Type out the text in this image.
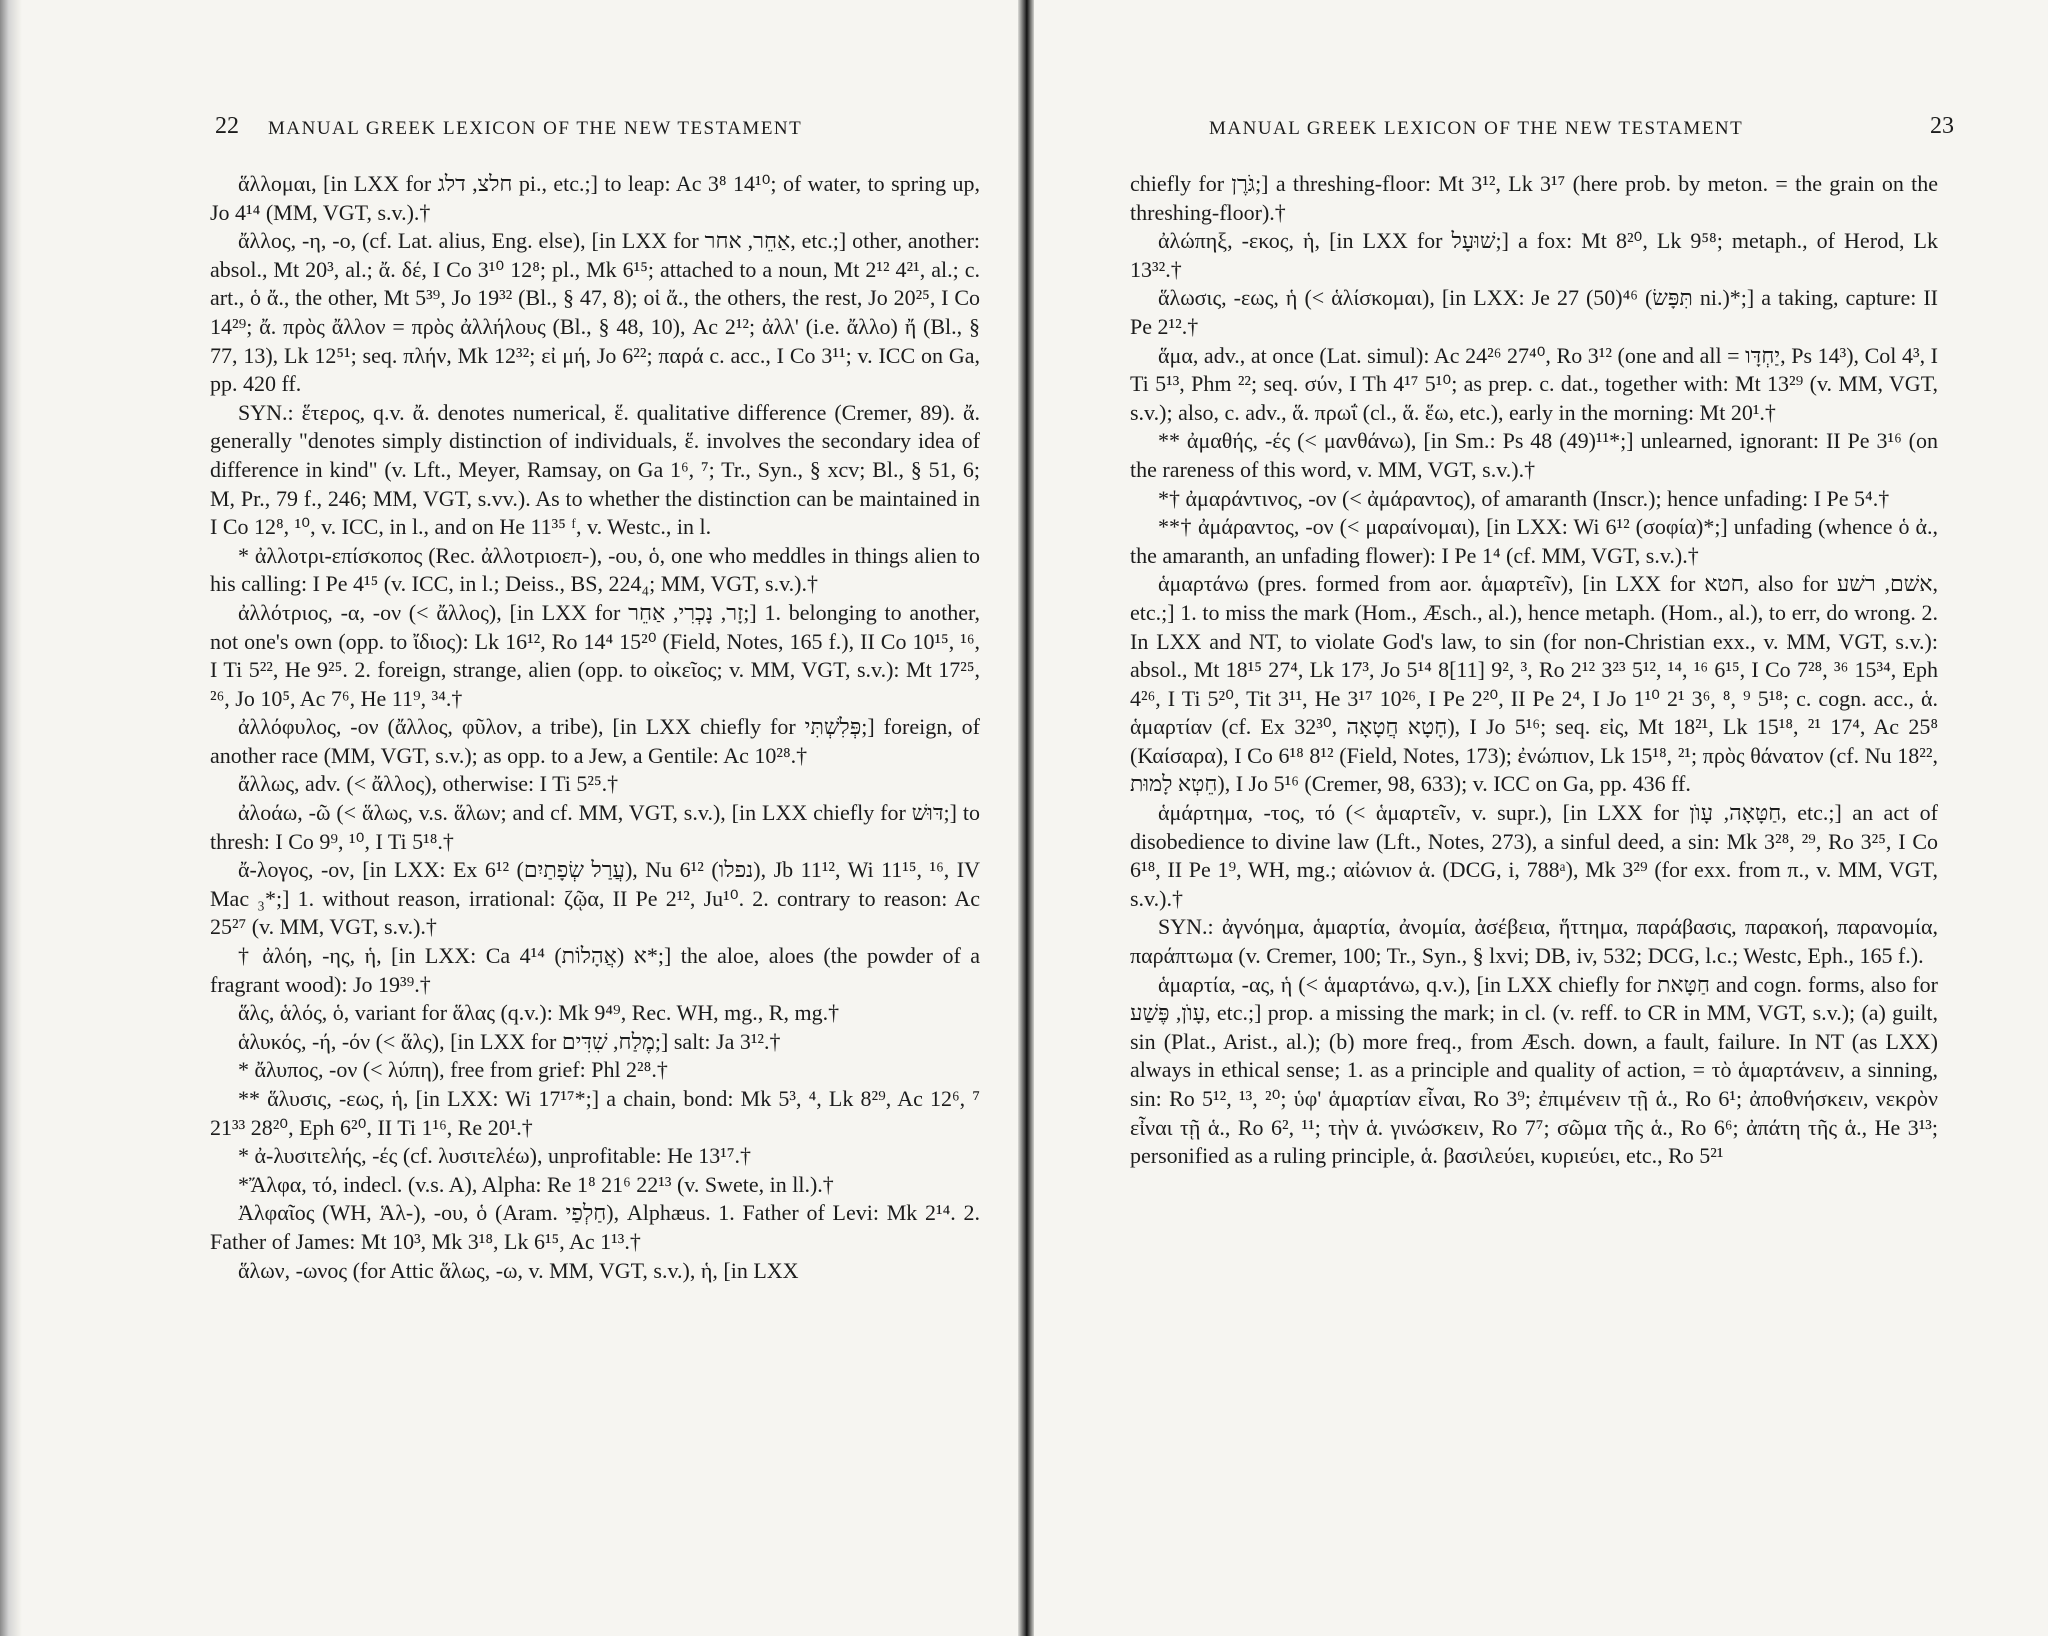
22	MANUAL GREEK LEXICON OF THE NEW TESTAMENT

ἅλλομαι, [in LXX for חלצ, דלג pi., etc.;] to leap: Ac 3⁸ 14¹⁰; of water, to spring up, Jo 4¹⁴ (MM, VGT, s.v.).†

ἄλλος, -η, -ο, (cf. Lat. alius, Eng. else), [in LXX for אַחֵר, אחר, etc.;] other, another: absol., Mt 20³, al.; ἄ. δέ, I Co 3¹⁰ 12⁸; pl., Mk 6¹⁵; attached to a noun, Mt 2¹² 4²¹, al.; c. art., ὁ ἄ., the other, Mt 5³⁹, Jo 19³² (Bl., § 47, 8); οἱ ἄ., the others, the rest, Jo 20²⁵, I Co 14²⁹; ἄ. πρὸς ἄλλον = πρὸς ἀλλήλους (Bl., § 48, 10), Ac 2¹²; ἀλλ' (i.e. ἄλλο) ἤ (Bl., § 77, 13), Lk 12⁵¹; seq. πλήν, Mk 12³²; εἰ μή, Jo 6²²; παρά c. acc., I Co 3¹¹; v. ICC on Ga, pp. 420 ff.

SYN.: ἕτερος, q.v. ἄ. denotes numerical, ἕ. qualitative difference (Cremer, 89). ἄ. generally "denotes simply distinction of individuals, ἕ. involves the secondary idea of difference in kind" (v. Lft., Meyer, Ramsay, on Ga 1⁶, ⁷; Tr., Syn., § xcv; Bl., § 51, 6; M, Pr., 79 f., 246; MM, VGT, s.vv.). As to whether the distinction can be maintained in I Co 12⁸, ¹⁰, v. ICC, in l., and on He 11³⁵ ᶠ, v. Westc., in l.

* ἀλλοτρι-επίσκοπος (Rec. ἀλλοτριοεπ-), -ου, ὁ, one who meddles in things alien to his calling: I Pe 4¹⁵ (v. ICC, in l.; Deiss., BS, 224₄; MM, VGT, s.v.).†

ἀλλότριος, -α, -ον (< ἄλλος), [in LXX for זָר, נָכְרִי, אַחֵר;] 1. belonging to another, not one's own (opp. to ἴδιος): Lk 16¹², Ro 14⁴ 15²⁰ (Field, Notes, 165 f.), II Co 10¹⁵, ¹⁶, I Ti 5²², He 9²⁵. 2. foreign, strange, alien (opp. to οἰκεῖος; v. MM, VGT, s.v.): Mt 17²⁵, ²⁶, Jo 10⁵, Ac 7⁶, He 11⁹, ³⁴.†

ἀλλόφυλος, -ον (ἄλλος, φῦλον, a tribe), [in LXX chiefly for פְּלִשְׁתִּי;] foreign, of another race (MM, VGT, s.v.); as opp. to a Jew, a Gentile: Ac 10²⁸.†

ἄλλως, adv. (< ἄλλος), otherwise: I Ti 5²⁵.†

ἀλοάω, -ῶ (< ἅλως, v.s. ἅλων; and cf. MM, VGT, s.v.), [in LXX chiefly for דּוּשׁ;] to thresh: I Co 9⁹, ¹⁰, I Ti 5¹⁸.†

ἄ-λογος, -ον, [in LXX: Ex 6¹² (עֲרַל שְׂפָתַיִם), Nu 6¹² (נפלו), Jb 11¹², Wi 11¹⁵, ¹⁶, IV Mac ₃*;] 1. without reason, irrational: ζῷα, II Pe 2¹², Ju¹⁰. 2. contrary to reason: Ac 25²⁷ (v. MM, VGT, s.v.).†

† ἀλόη, -ης, ἡ, [in LXX: Ca 4¹⁴ א (אֲהָלוֹת)*;] the aloe, aloes (the powder of a fragrant wood): Jo 19³⁹.†

ἅλς, ἁλός, ὁ, variant for ἅλας (q.v.): Mk 9⁴⁹, Rec. WH, mg., R, mg.†

ἁλυκός, -ή, -όν (< ἅλς), [in LXX for מֶלַח, שִׁדִּים;] salt: Ja 3¹².†

* ἄλυπος, -ον (< λύπη), free from grief: Phl 2²⁸.†

** ἅλυσις, -εως, ἡ, [in LXX: Wi 17¹⁷*;] a chain, bond: Mk 5³, ⁴, Lk 8²⁹, Ac 12⁶, ⁷ 21³³ 28²⁰, Eph 6²⁰, II Ti 1¹⁶, Re 20¹.†

* ἀ-λυσιτελής, -ές (cf. λυσιτελέω), unprofitable: He 13¹⁷.†

*Ἄλφα, τό, indecl. (v.s. A), Alpha: Re 1⁸ 21⁶ 22¹³ (v. Swete, in ll.).†

Ἀλφαῖος (WH, Ἁλ-), -ου, ὁ (Aram. חַלְפַי), Alphæus. 1. Father of Levi: Mk 2¹⁴. 2. Father of James: Mt 10³, Mk 3¹⁸, Lk 6¹⁵, Ac 1¹³.†

ἅλων, -ωνος (for Attic ἅλως, -ω, v. MM, VGT, s.v.), ἡ, [in LXX

MANUAL GREEK LEXICON OF THE NEW TESTAMENT	23

chiefly for גֹּרֶן;] a threshing-floor: Mt 3¹², Lk 3¹⁷ (here prob. by meton. = the grain on the threshing-floor).†

ἀλώπηξ, -εκος, ἡ, [in LXX for שׁוּעָל;] a fox: Mt 8²⁰, Lk 9⁵⁸; metaph., of Herod, Lk 13³².†

ἅλωσις, -εως, ἡ (< ἁλίσκομαι), [in LXX: Je 27 (50)⁴⁶ (תִּפָּשׂ ni.)*;] a taking, capture: II Pe 2¹².†

ἅμα, adv., at once (Lat. simul): Ac 24²⁶ 27⁴⁰, Ro 3¹² (one and all = יַחְדָּו, Ps 14³), Col 4³, I Ti 5¹³, Phm ²²; seq. σύν, I Th 4¹⁷ 5¹⁰; as prep. c. dat., together with: Mt 13²⁹ (v. MM, VGT, s.v.); also, c. adv., ἅ. πρωΐ (cl., ἅ. ἕω, etc.), early in the morning: Mt 20¹.†

** ἀμαθής, -ές (< μανθάνω), [in Sm.: Ps 48 (49)¹¹*;] unlearned, ignorant: II Pe 3¹⁶ (on the rareness of this word, v. MM, VGT, s.v.).†

*† ἀμαράντινος, -ον (< ἀμάραντος), of amaranth (Inscr.); hence unfading: I Pe 5⁴.†

**† ἀμάραντος, -ον (< μαραίνομαι), [in LXX: Wi 6¹² (σοφία)*;] unfading (whence ὁ ἀ., the amaranth, an unfading flower): I Pe 1⁴ (cf. MM, VGT, s.v.).†

ἁμαρτάνω (pres. formed from aor. ἁμαρτεῖν), [in LXX for חטא, also for אשׁם, רשׁע, etc.;] 1. to miss the mark (Hom., Æsch., al.), hence metaph. (Hom., al.), to err, do wrong. 2. In LXX and NT, to violate God's law, to sin (for non-Christian exx., v. MM, VGT, s.v.): absol., Mt 18¹⁵ 27⁴, Lk 17³, Jo 5¹⁴ 8[11] 9², ³, Ro 2¹² 3²³ 5¹², ¹⁴, ¹⁶ 6¹⁵, I Co 7²⁸, ³⁶ 15³⁴, Eph 4²⁶, I Ti 5²⁰, Tit 3¹¹, He 3¹⁷ 10²⁶, I Pe 2²⁰, II Pe 2⁴, I Jo 1¹⁰ 2¹ 3⁶, ⁸, ⁹ 5¹⁸; c. cogn. acc., ἁ. ἁμαρτίαν (cf. Ex 32³⁰, חָטָא חֲטָאָה), I Jo 5¹⁶; seq. εἰς, Mt 18²¹, Lk 15¹⁸, ²¹ 17⁴, Ac 25⁸ (Καίσαρα), I Co 6¹⁸ 8¹² (Field, Notes, 173); ἐνώπιον, Lk 15¹⁸, ²¹; πρὸς θάνατον (cf. Nu 18²², חֵטְא לָמוּת), I Jo 5¹⁶ (Cremer, 98, 633); v. ICC on Ga, pp. 436 ff.

ἁμάρτημα, -τος, τό (< ἁμαρτεῖν, v. supr.), [in LXX for חַטָּאָה, עָוֺן, etc.;] an act of disobedience to divine law (Lft., Notes, 273), a sinful deed, a sin: Mk 3²⁸, ²⁹, Ro 3²⁵, I Co 6¹⁸, II Pe 1⁹, WH, mg.; αἰώνιον ἁ. (DCG, i, 788ᵃ), Mk 3²⁹ (for exx. from π., v. MM, VGT, s.v.).†

SYN.: ἀγνόημα, ἁμαρτία, ἀνομία, ἀσέβεια, ἥττημα, παράβασις, παρακοή, παρανομία, παράπτωμα (v. Cremer, 100; Tr., Syn., § lxvi; DB, iv, 532; DCG, l.c.; Westc, Eph., 165 f.).

ἁμαρτία, -ας, ἡ (< ἁμαρτάνω, q.v.), [in LXX chiefly for חַטָּאת and cogn. forms, also for עָוֺן, פֶּשַׁע, etc.;] prop. a missing the mark; in cl. (v. reff. to CR in MM, VGT, s.v.); (a) guilt, sin (Plat., Arist., al.); (b) more freq., from Æsch. down, a fault, failure. In NT (as LXX) always in ethical sense; 1. as a principle and quality of action, = τὸ ἁμαρτάνειν, a sinning, sin: Ro 5¹², ¹³, ²⁰; ὑφ' ἁμαρτίαν εἶναι, Ro 3⁹; ἐπιμένειν τῇ ἁ., Ro 6¹; ἀποθνήσκειν, νεκρὸν εἶναι τῇ ἁ., Ro 6², ¹¹; τὴν ἁ. γινώσκειν, Ro 7⁷; σῶμα τῆς ἁ., Ro 6⁶; ἀπάτη τῆς ἁ., He 3¹³; personified as a ruling principle, ἁ. βασιλεύει, κυριεύει, etc., Ro 5²¹
